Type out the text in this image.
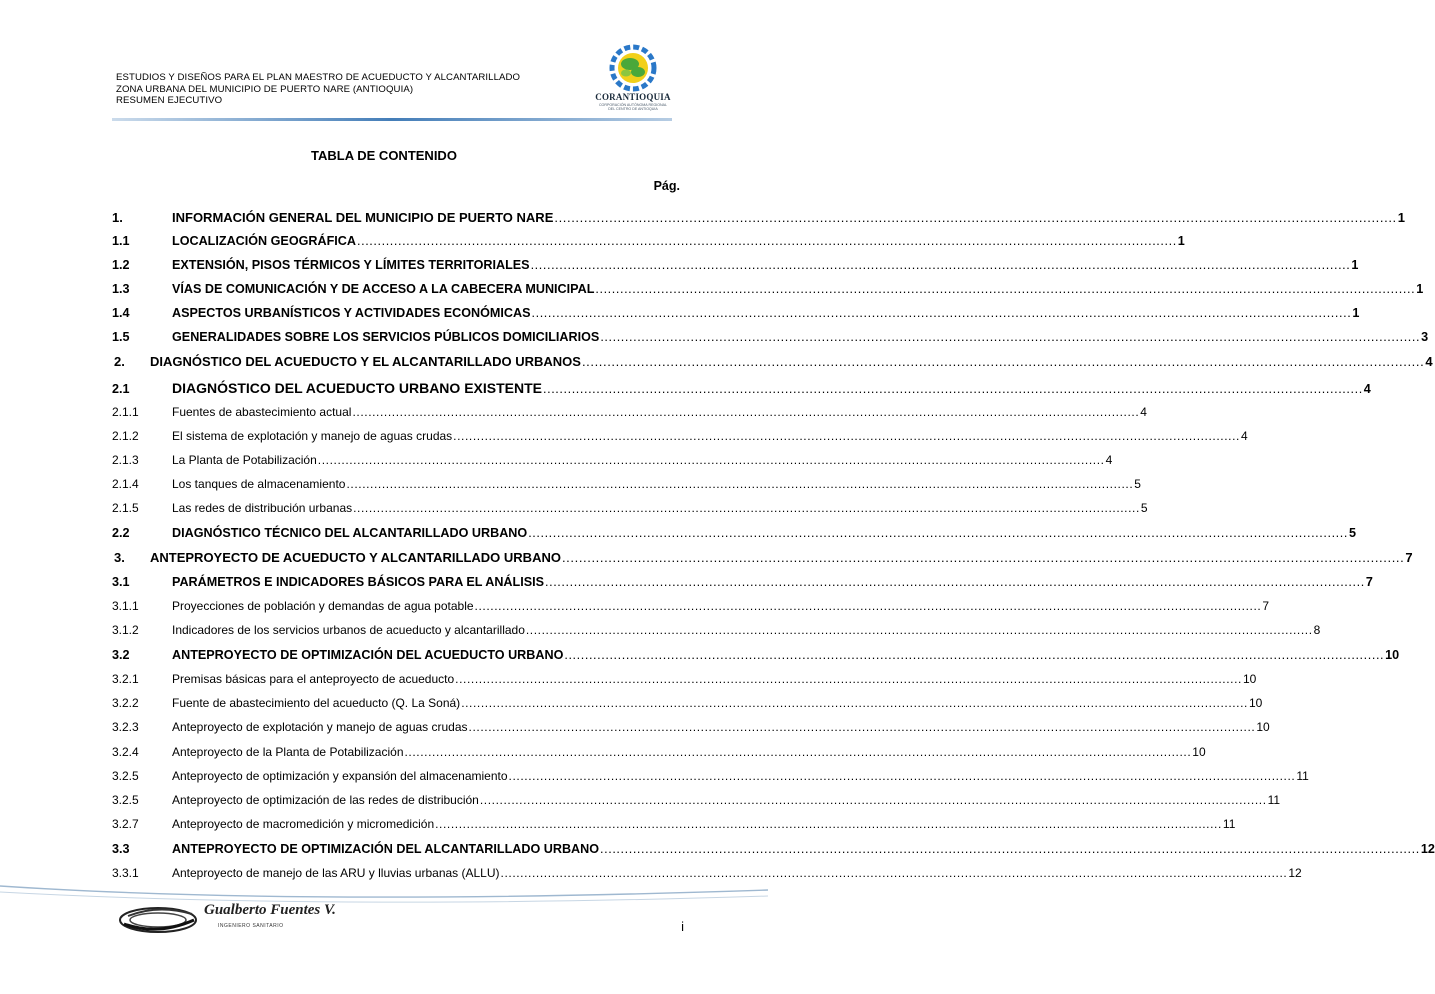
ESTUDIOS Y DISEÑOS PARA EL PLAN MAESTRO DE ACUEDUCTO Y ALCANTARILLADO
ZONA URBANA DEL MUNICIPIO DE PUERTO NARE (ANTIOQUIA)
RESUMEN EJECUTIVO	CORANTIOQUIA
CORPORACIÓN AUTÓNOMA REGIONAL
DEL CENTRO DE ANTIOQUIA
TABLA DE CONTENIDO
Pág.
1.	INFORMACIÓN GENERAL DEL MUNICIPIO DE PUERTO NARE ........................................................................................................................................................................................................ 1
1.1	LOCALIZACIÓN GEOGRÁFICA ........................................................................................................................................................................................................ 1
1.2	EXTENSIÓN, PISOS TÉRMICOS Y LÍMITES TERRITORIALES ........................................................................................................................................................................................................ 1
1.3	VÍAS DE COMUNICACIÓN Y DE ACCESO A LA CABECERA MUNICIPAL ........................................................................................................................................................................................................ 1
1.4	ASPECTOS URBANÍSTICOS Y ACTIVIDADES ECONÓMICAS ........................................................................................................................................................................................................ 1
1.5	GENERALIDADES SOBRE LOS SERVICIOS PÚBLICOS DOMICILIARIOS ........................................................................................................................................................................................................ 3
2.	DIAGNÓSTICO DEL ACUEDUCTO Y EL ALCANTARILLADO URBANOS ........................................................................................................................................................................................................ 4
2.1	DIAGNÓSTICO DEL ACUEDUCTO URBANO EXISTENTE ........................................................................................................................................................................................................ 4
2.1.1	Fuentes de abastecimiento actual ........................................................................................................................................................................................................ 4
2.1.2	El sistema de explotación y manejo de aguas crudas ........................................................................................................................................................................................................ 4
2.1.3	La Planta de Potabilización ........................................................................................................................................................................................................ 4
2.1.4	Los tanques de almacenamiento ........................................................................................................................................................................................................ 5
2.1.5	Las redes de distribución urbanas ........................................................................................................................................................................................................ 5
2.2	DIAGNÓSTICO TÉCNICO DEL ALCANTARILLADO URBANO ........................................................................................................................................................................................................ 5
3.	ANTEPROYECTO DE ACUEDUCTO Y ALCANTARILLADO URBANO ........................................................................................................................................................................................................ 7
3.1	PARÁMETROS E INDICADORES BÁSICOS PARA EL ANÁLISIS ........................................................................................................................................................................................................ 7
3.1.1	Proyecciones de población y demandas de agua potable ........................................................................................................................................................................................................ 7
3.1.2	Indicadores de los servicios urbanos de acueducto y alcantarillado ........................................................................................................................................................................................................ 8
3.2	ANTEPROYECTO DE OPTIMIZACIÓN DEL ACUEDUCTO URBANO ........................................................................................................................................................................................................ 10
3.2.1	Premisas básicas para el anteproyecto de acueducto ........................................................................................................................................................................................................ 10
3.2.2	Fuente de abastecimiento del acueducto (Q. La Soná) ........................................................................................................................................................................................................ 10
3.2.3	Anteproyecto de explotación y manejo de aguas crudas ........................................................................................................................................................................................................ 10
3.2.4	Anteproyecto de la Planta de Potabilización ........................................................................................................................................................................................................ 10
3.2.5	Anteproyecto de optimización y expansión del almacenamiento ........................................................................................................................................................................................................ 11
3.2.5	Anteproyecto de optimización de las redes de distribución ........................................................................................................................................................................................................ 11
3.2.7	Anteproyecto de macromedición y micromedición ........................................................................................................................................................................................................ 11
3.3	ANTEPROYECTO DE OPTIMIZACIÓN DEL ALCANTARILLADO URBANO ........................................................................................................................................................................................................ 12
3.3.1	Anteproyecto de manejo de las ARU y lluvias urbanas (ALLU) ........................................................................................................................................................................................................ 12
i
Gualberto Fuentes V.
INGENIERO SANITARIO
